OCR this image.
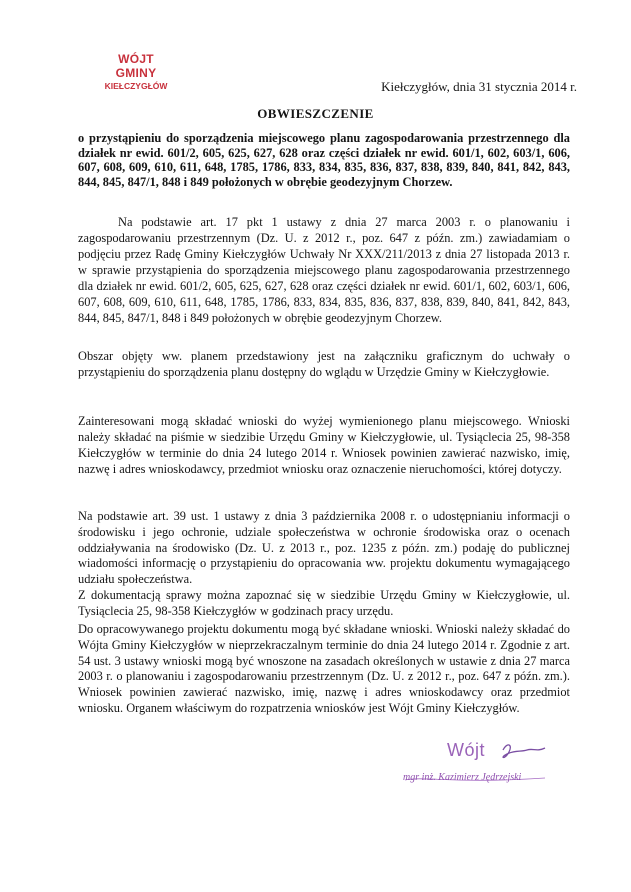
WÓJT GMINY
KIEŁCZYGŁÓW	Kiełczygłów, dnia 31 stycznia 2014 r.
OBWIESZCZENIE
o przystąpieniu do sporządzenia miejscowego planu zagospodarowania przestrzennego dla działek nr ewid. 601/2, 605, 625, 627, 628 oraz części działek nr ewid. 601/1, 602, 603/1, 606, 607, 608, 609, 610, 611, 648, 1785, 1786, 833, 834, 835, 836, 837, 838, 839, 840, 841, 842, 843, 844, 845, 847/1, 848 i 849 położonych w obrębie geodezyjnym Chorzew.

Na podstawie art. 17 pkt 1 ustawy z dnia 27 marca 2003 r. o planowaniu i zagospodarowaniu przestrzennym (Dz. U. z 2012 r., poz. 647 z późn. zm.) zawiadamiam o podjęciu przez Radę Gminy Kiełczygłów Uchwały Nr XXX/211/2013 z dnia 27 listopada 2013 r. w sprawie przystąpienia do sporządzenia miejscowego planu zagospodarowania przestrzennego dla działek nr ewid. 601/2, 605, 625, 627, 628 oraz części działek nr ewid. 601/1, 602, 603/1, 606, 607, 608, 609, 610, 611, 648, 1785, 1786, 833, 834, 835, 836, 837, 838, 839, 840, 841, 842, 843, 844, 845, 847/1, 848 i 849 położonych w obrębie geodezyjnym Chorzew.

Obszar objęty ww. planem przedstawiony jest na załączniku graficznym do uchwały o przystąpieniu do sporządzenia planu dostępny do wglądu w Urzędzie Gminy w Kiełczygłowie.

Zainteresowani mogą składać wnioski do wyżej wymienionego planu miejscowego. Wnioski należy składać na piśmie w siedzibie Urzędu Gminy w Kiełczygłowie, ul. Tysiąclecia 25, 98-358 Kiełczygłów w terminie do dnia 24 lutego 2014 r. Wniosek powinien zawierać nazwisko, imię, nazwę i adres wnioskodawcy, przedmiot wniosku oraz oznaczenie nieruchomości, której dotyczy.

Na podstawie art. 39 ust. 1 ustawy z dnia 3 października 2008 r. o udostępnianiu informacji o środowisku i jego ochronie, udziale społeczeństwa w ochronie środowiska oraz o ocenach oddziaływania na środowisko (Dz. U. z 2013 r., poz. 1235 z późn. zm.) podaję do publicznej wiadomości informację o przystąpieniu do opracowania ww. projektu dokumentu wymagającego udziału społeczeństwa.
Z dokumentacją sprawy można zapoznać się w siedzibie Urzędu Gminy w Kiełczygłowie, ul. Tysiąclecia 25, 98-358 Kiełczygłów w godzinach pracy urzędu.

Do opracowywanego projektu dokumentu mogą być składane wnioski. Wnioski należy składać do Wójta Gminy Kiełczygłów w nieprzekraczalnym terminie do dnia 24 lutego 2014 r. Zgodnie z art. 54 ust. 3 ustawy wnioski mogą być wnoszone na zasadach określonych w ustawie z dnia 27 marca 2003 r. o planowaniu i zagospodarowaniu przestrzennym (Dz. U. z 2012 r., poz. 647 z późn. zm.). Wniosek powinien zawierać nazwisko, imię, nazwę i adres wnioskodawcy oraz przedmiot wniosku. Organem właściwym do rozpatrzenia wniosków jest Wójt Gminy Kiełczygłów.

Wójt
mgr inż. Kazimierz Jędrzejski
